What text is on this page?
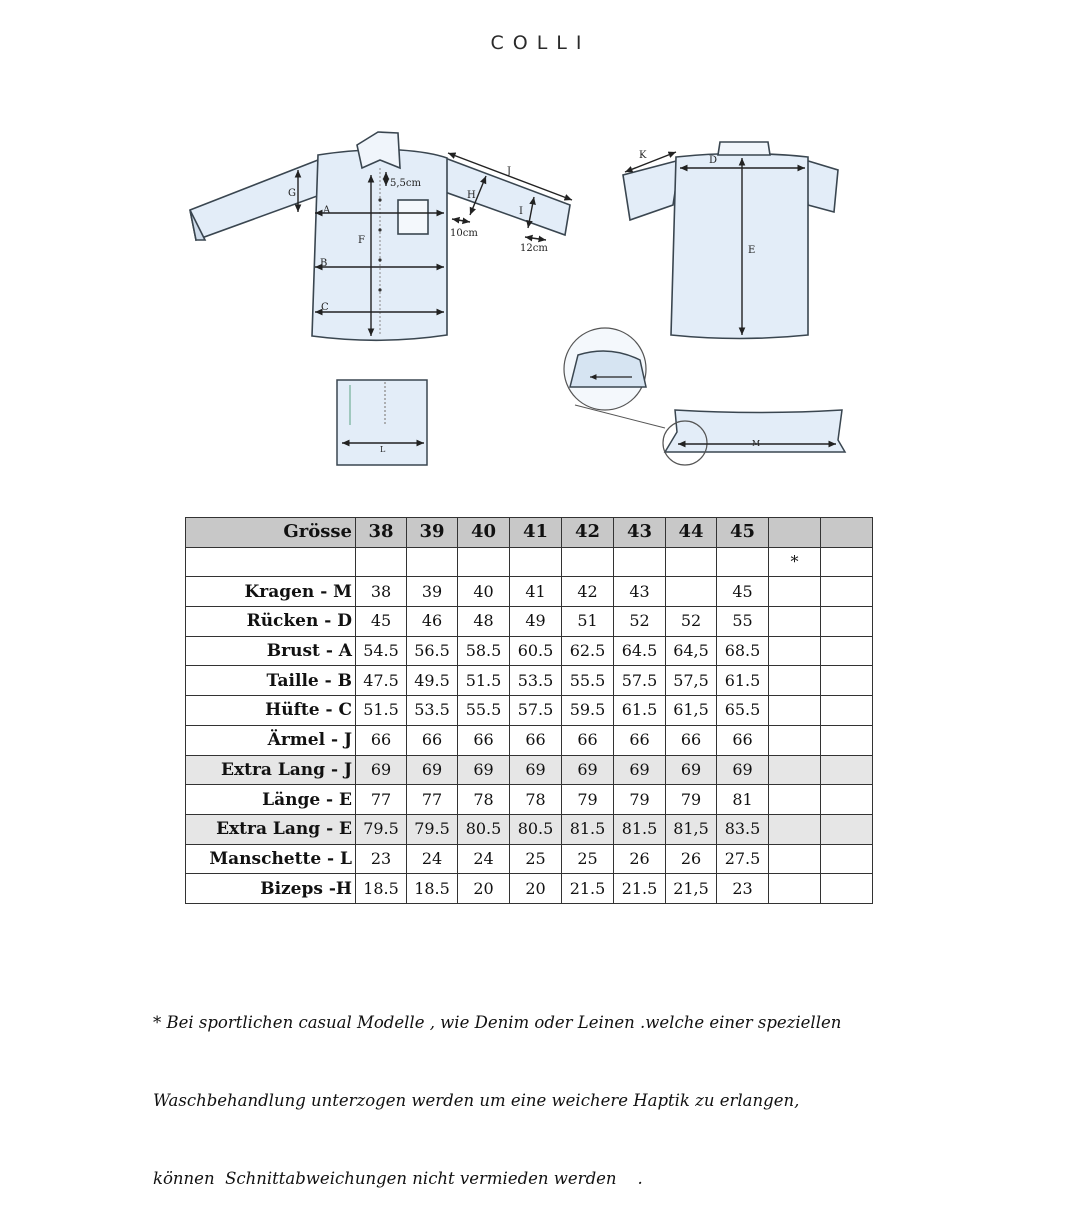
COLLI
G
A
F
B
C
H
I
J
5,5cm
10cm
12cm
K	D
E
L
M
Grösse	38	39	40	41	42	43	44	45		
									*	
Kragen - M	38	39	40	41	42	43		45		
Rücken - D	45	46	48	49	51	52	52	55		
Brust - A	54.5	56.5	58.5	60.5	62.5	64.5	64,5	68.5		
Taille - B	47.5	49.5	51.5	53.5	55.5	57.5	57,5	61.5		
Hüfte - C	51.5	53.5	55.5	57.5	59.5	61.5	61,5	65.5		
Ärmel - J	66	66	66	66	66	66	66	66		
Extra Lang - J	69	69	69	69	69	69	69	69		
Länge - E	77	77	78	78	79	79	79	81		
Extra Lang - E	79.5	79.5	80.5	80.5	81.5	81.5	81,5	83.5		
Manschette - L	23	24	24	25	25	26	26	27.5		
Bizeps -H	18.5	18.5	20	20	21.5	21.5	21,5	23		

* Bei sportlichen casual Modelle , wie Denim oder Leinen .welche einer speziellen

Waschbehandlung unterzogen werden um eine weichere Haptik zu erlangen,

können  Schnittabweichungen nicht vermieden werden    .
